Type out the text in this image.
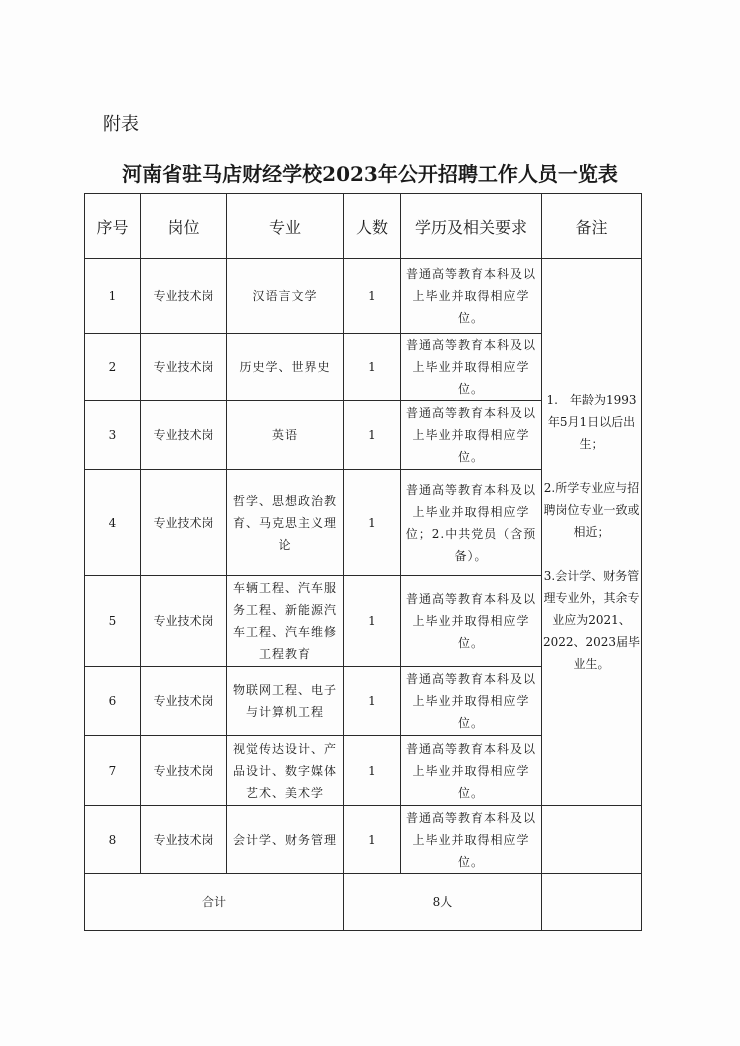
附表
河南省驻马店财经学校2023年公开招聘工作人员一览表
序号	岗位	专业	人数	学历及相关要求	备注
1	专业技术岗	汉语言文学	1	普通高等教育本科及以上毕业并取得相应学位。	1.　年龄为1993年5月1日以后出生；

2.所学专业应与招聘岗位专业一致或相近；

3.会计学、财务管理专业外，其余专业应为2021、2022、2023届毕业生。

2	专业技术岗	历史学、世界史	1	普通高等教育本科及以上毕业并取得相应学位。	
3	专业技术岗	英语	1	普通高等教育本科及以上毕业并取得相应学位。	
4	专业技术岗	哲学、思想政治教育、马克思主义理论	1	普通高等教育本科及以上毕业并取得相应学位；2.中共党员（含预备）。	
5	专业技术岗	车辆工程、汽车服务工程、新能源汽车工程、汽车维修工程教育	1	普通高等教育本科及以上毕业并取得相应学位。	
6	专业技术岗	物联网工程、电子与计算机工程	1	普通高等教育本科及以上毕业并取得相应学位。	
7	专业技术岗	视觉传达设计、产品设计、数字媒体艺术、美术学	1	普通高等教育本科及以上毕业并取得相应学位。	
8	专业技术岗	会计学、财务管理	1	普通高等教育本科及以上毕业并取得相应学位。	
合计			8人		
